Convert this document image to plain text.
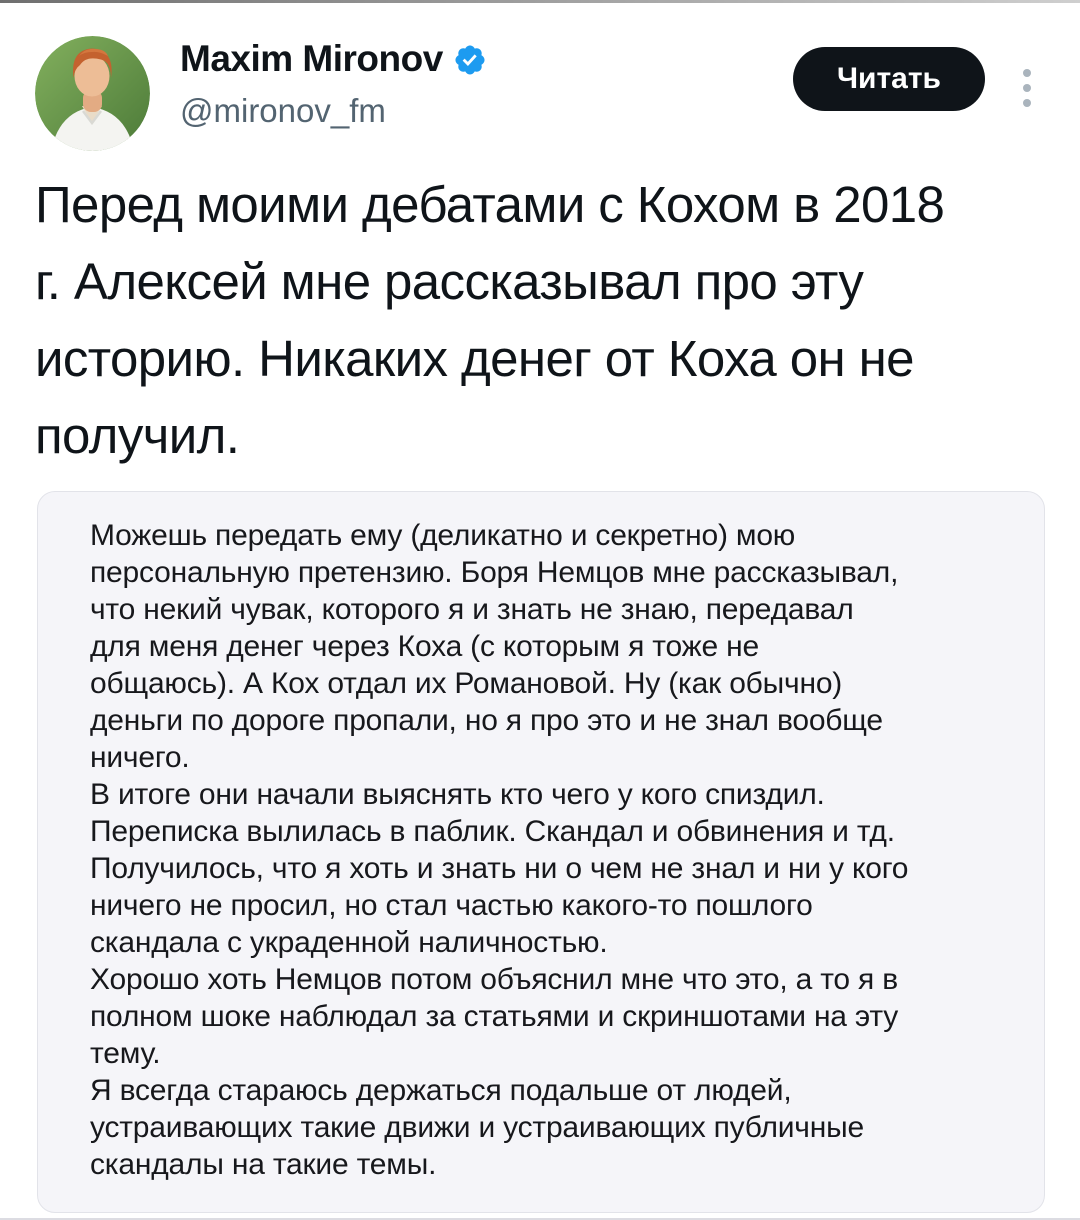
Maxim Mironov
@mironov_fm
Читать
Перед моими дебатами с Кохом в 2018
г. Алексей мне рассказывал про эту
историю. Никаких денег от Коха он не
получил.
Можешь передать ему (деликатно и секретно) мою
персональную претензию. Боря Немцов мне рассказывал,
что некий чувак, которого я и знать не знаю, передавал
для меня денег через Коха (с которым я тоже не
общаюсь). А Кох отдал их Романовой. Ну (как обычно)
деньги по дороге пропали, но я про это и не знал вообще
ничего.
В итоге они начали выяснять кто чего у кого спиздил.
Переписка вылилась в паблик. Скандал и обвинения и тд.
Получилось, что я хоть и знать ни о чем не знал и ни у кого
ничего не просил, но стал частью какого-то пошлого
скандала с украденной наличностью.
Хорошо хоть Немцов потом объяснил мне что это, а то я в
полном шоке наблюдал за статьями и скриншотами на эту
тему.
Я всегда стараюсь держаться подальше от людей,
устраивающих такие движи и устраивающих публичные
скандалы на такие темы.
